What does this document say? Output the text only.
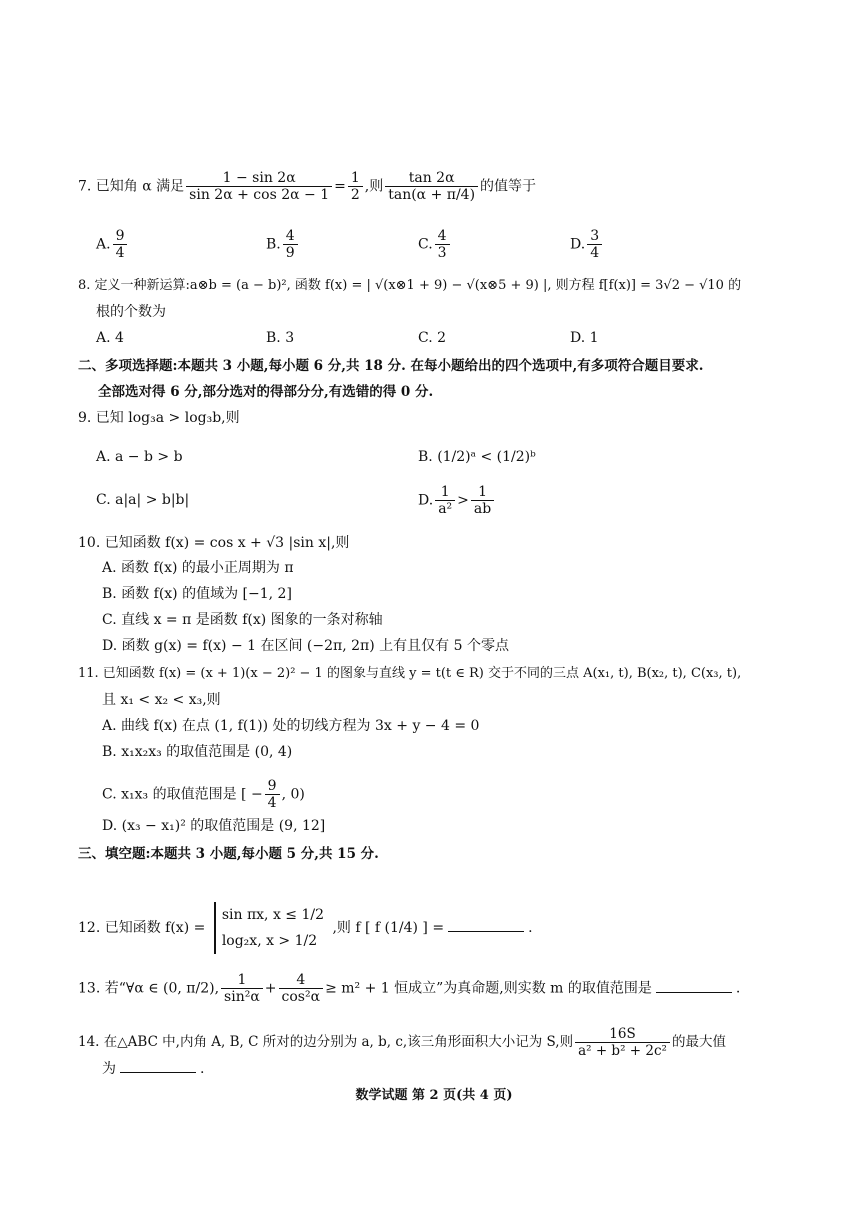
7. 已知角 α 满足 $\frac{1 - \sin 2\alpha}{\sin 2\alpha + \cos 2\alpha - 1} = \frac{1}{2}$ ,则 $\frac{\tan 2\alpha}{\tan(\alpha + \pi/4)}$ 的值等于
A. $\frac{9}{4}$	B. $\frac{4}{9}$	C. $\frac{4}{3}$	D. $\frac{3}{4}$
8. 定义一种新运算:a⊗b = (a − b)², 函数 f(x) = | √(x⊗1 + 9) − √(x⊗5 + 9) |, 则方程 f[f(x)] = 3√2 − √10 的
根的个数为
A. 4	B. 3	C. 2	D. 1
二、多项选择题:本题共 3 小题,每小题 6 分,共 18 分. 在每小题给出的四个选项中,有多项符合题目要求.
全部选对得 6 分,部分选对的得部分分,有选错的得 0 分.
9. 已知 log₃a > log₃b,则
A. a − b > b	B. (1/2)ᵃ < (1/2)ᵇ
C. a|a| > b|b|	D. $\frac{1}{\text{a²}} > \frac{1}{ab}$
10. 已知函数 f(x) = cos x + √3 |sin x|,则
A. 函数 f(x) 的最小正周期为 π
B. 函数 f(x) 的值域为 [−1, 2]
C. 直线 x = π 是函数 f(x) 图象的一条对称轴
D. 函数 g(x) = f(x) − 1 在区间 (−2π, 2π) 上有且仅有 5 个零点
11. 已知函数 f(x) = (x + 1)(x − 2)² − 1 的图象与直线 y = t(t ∈ R) 交于不同的三点 A(x₁, t), B(x₂, t), C(x₃, t),
且 x₁ < x₂ < x₃,则
A. 曲线 f(x) 在点 (1, f(1)) 处的切线方程为 3x + y − 4 = 0
B. x₁x₂x₃ 的取值范围是 (0, 4)
C. x₁x₃ 的取值范围是 [ − $\frac{9}{4}$ , 0)
D. (x₃ − x₁)² 的取值范围是 (9, 12]
三、填空题:本题共 3 小题,每小题 5 分,共 15 分.
12. 已知函数 f(x) =
sin πx, x ≤ 1/2
log₂x, x > 1/2
,则 f [ f (1/4) ] =	.
13. 若“∀α ∈ (0, π/2), $\frac{1}{\text{sin²α}} + \frac{4}{\text{cos²α}} \ge m^2 + 1$ 恒成立”为真命题,则实数 m 的取值范围是	.
14. 在△ABC 中,内角 A, B, C 所对的边分别为 a, b, c,该三角形面积大小记为 S,则 $\frac{16S}{\text{a² + b² + 2c²}}$ 的最大值
为	.
数学试题 第 2 页(共 4 页)
